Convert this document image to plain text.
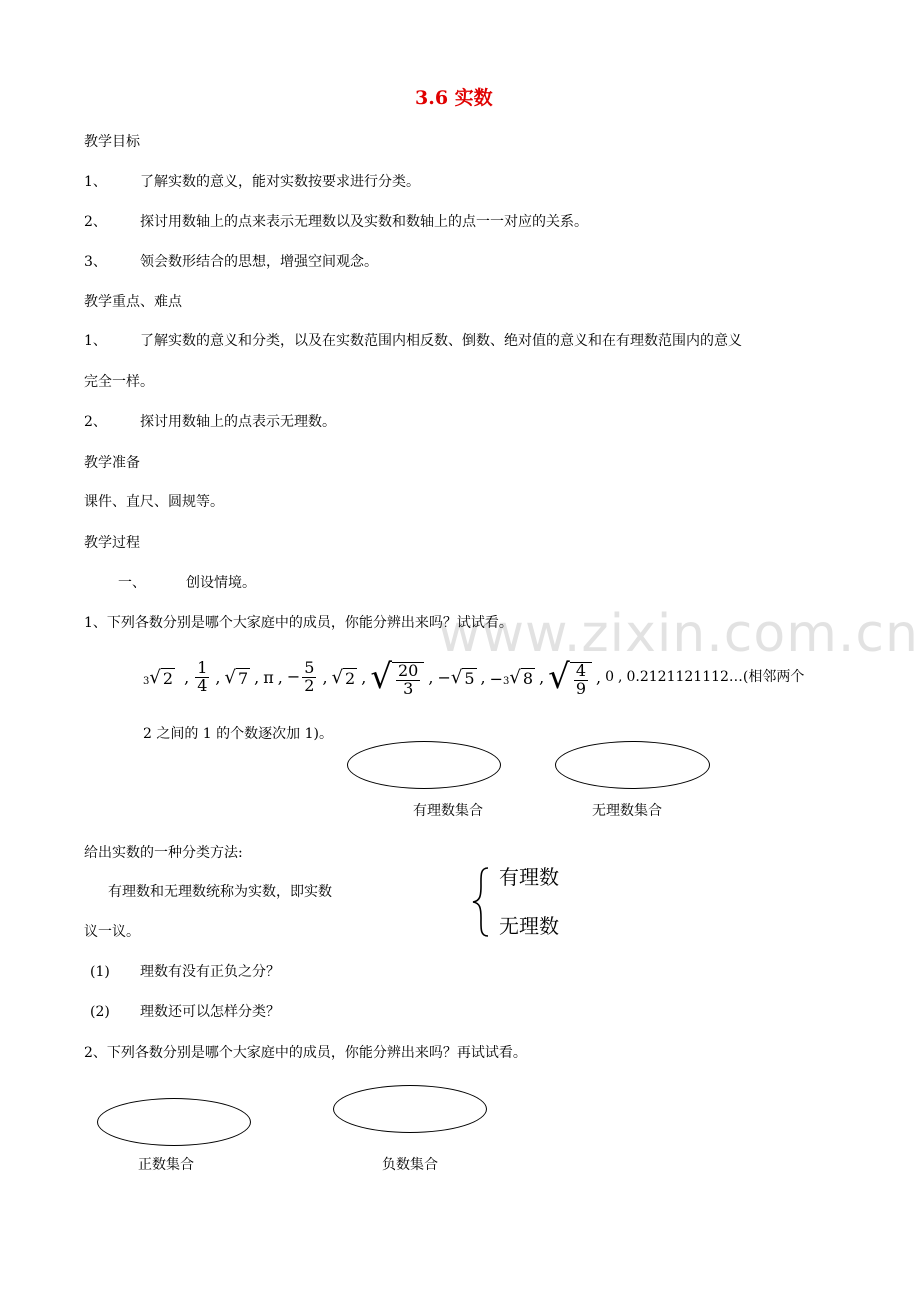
www.zixin.com.cn
3.6 实数
教学目标
1、 了解实数的意义，能对实数按要求进行分类。
2、 探讨用数轴上的点来表示无理数以及实数和数轴上的点一一对应的关系。
3、 领会数形结合的思想，增强空间观念。
教学重点、难点
1、 了解实数的意义和分类，以及在实数范围内相反数、倒数、绝对值的意义和在有理数范围内的意义
完全一样。
2、 探讨用数轴上的点表示无理数。
教学准备
课件、直尺、圆规等。
教学过程
一、	创设情境。
1、下列各数分别是哪个大家庭中的成员，你能分辨出来吗？试试看。
3 √ 2 , $\frac{1}{4}$ , √ 7 , π , − $\frac{5}{2}$ , √ 2 , √ $\frac{20}{3}$ , − √ 5 , − 3 √ 8 , √ $\frac{4}{9}$ , 0 , 0.2121121112…(相邻两个
2 之间的 1 的个数逐次加 1)。
有理数集合	无理数集合
给出实数的一种分类方法:
有理数和无理数统称为实数，即实数
有理数
无理数
议一议。
(1) 理数有没有正负之分？
(2) 理数还可以怎样分类？
2、下列各数分别是哪个大家庭中的成员，你能分辨出来吗？再试试看。
正数集合	负数集合
